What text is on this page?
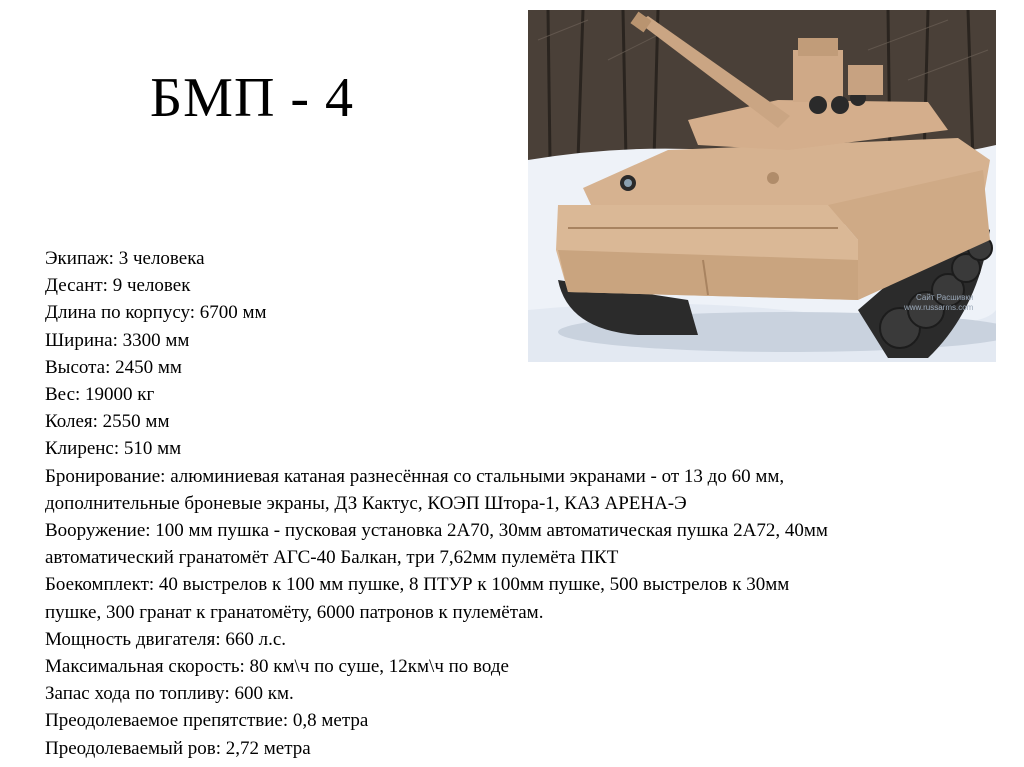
БМП - 4
Сайт Расшивки
www.russarms.com
Экипаж: 3 человека
Десант: 9 человек
Длина по корпусу: 6700 мм
Ширина: 3300 мм
Высота: 2450 мм
Вес: 19000 кг
Колея: 2550 мм
Клиренс: 510 мм
Бронирование: алюминиевая катаная разнесённая со стальными экранами - от 13 до 60 мм,
дополнительные броневые экраны, ДЗ Кактус, КОЭП Штора-1, КАЗ АРЕНА-Э
Вооружение: 100 мм пушка - пусковая установка 2А70, 30мм автоматическая пушка 2А72, 40мм
автоматический гранатомёт АГС-40 Балкан, три 7,62мм пулемёта ПКТ
Боекомплект: 40 выстрелов к 100 мм пушке, 8 ПТУР к 100мм пушке, 500 выстрелов к 30мм
пушке, 300 гранат к гранатомёту, 6000 патронов к пулемётам.
Мощность двигателя: 660 л.с.
Максимальная скорость: 80 км\ч по суше, 12км\ч по воде
Запас хода по топливу: 600 км.
Преодолеваемое препятствие: 0,8 метра
Преодолеваемый ров: 2,72 метра
